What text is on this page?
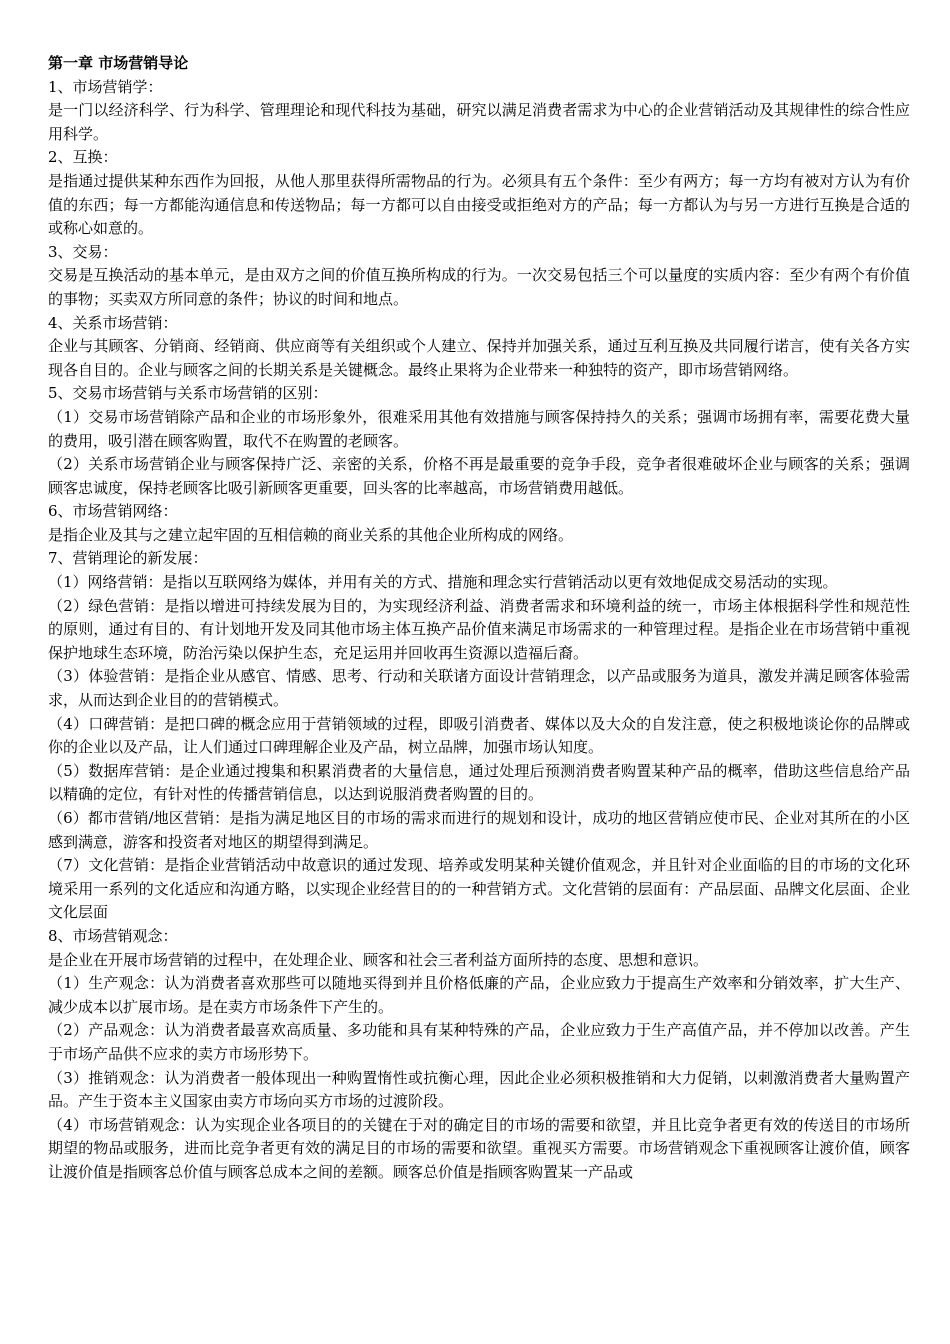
第一章 市场营销导论

1、市场营销学：

是一门以经济科学、行为科学、管理理论和现代科技为基础，研究以满足消费者需求为中心的企业营销活动及其规律性的综合性应用科学。

2、互换：

是指通过提供某种东西作为回报，从他人那里获得所需物品的行为。必须具有五个条件：至少有两方；每一方均有被对方认为有价值的东西；每一方都能沟通信息和传送物品；每一方都可以自由接受或拒绝对方的产品；每一方都认为与另一方进行互换是合适的或称心如意的。

3、交易：

交易是互换活动的基本单元，是由双方之间的价值互换所构成的行为。一次交易包括三个可以量度的实质内容：至少有两个有价值的事物；买卖双方所同意的条件；协议的时间和地点。

4、关系市场营销：

企业与其顾客、分销商、经销商、供应商等有关组织或个人建立、保持并加强关系，通过互利互换及共同履行诺言，使有关各方实现各自目的。企业与顾客之间的长期关系是关键概念。最终止果将为企业带来一种独特的资产，即市场营销网络。

5、交易市场营销与关系市场营销的区别：

（1）交易市场营销除产品和企业的市场形象外，很难采用其他有效措施与顾客保持持久的关系；强调市场拥有率，需要花费大量的费用，吸引潜在顾客购置，取代不在购置的老顾客。

（2）关系市场营销企业与顾客保持广泛、亲密的关系，价格不再是最重要的竞争手段，竞争者很难破坏企业与顾客的关系；强调顾客忠诚度，保持老顾客比吸引新顾客更重要，回头客的比率越高，市场营销费用越低。

6、市场营销网络：

是指企业及其与之建立起牢固的互相信赖的商业关系的其他企业所构成的网络。

7、营销理论的新发展：

（1）网络营销：是指以互联网络为媒体，并用有关的方式、措施和理念实行营销活动以更有效地促成交易活动的实现。

（2）绿色营销：是指以增进可持续发展为目的，为实现经济利益、消费者需求和环境利益的统一，市场主体根据科学性和规范性的原则，通过有目的、有计划地开发及同其他市场主体互换产品价值来满足市场需求的一种管理过程。是指企业在市场营销中重视保护地球生态环境，防治污染以保护生态，充足运用并回收再生资源以造福后裔。

（3）体验营销：是指企业从感官、情感、思考、行动和关联诸方面设计营销理念，以产品或服务为道具，激发并满足顾客体验需求，从而达到企业目的的营销模式。

（4）口碑营销：是把口碑的概念应用于营销领域的过程，即吸引消费者、媒体以及大众的自发注意，使之积极地谈论你的品牌或你的企业以及产品，让人们通过口碑理解企业及产品，树立品牌，加强市场认知度。

（5）数据库营销：是企业通过搜集和积累消费者的大量信息，通过处理后预测消费者购置某种产品的概率，借助这些信息给产品以精确的定位，有针对性的传播营销信息，以达到说服消费者购置的目的。

（6）都市营销/地区营销：是指为满足地区目的市场的需求而进行的规划和设计，成功的地区营销应使市民、企业对其所在的小区感到满意，游客和投资者对地区的期望得到满足。

（7）文化营销：是指企业营销活动中故意识的通过发现、培养或发明某种关键价值观念，并且针对企业面临的目的市场的文化环境采用一系列的文化适应和沟通方略，以实现企业经营目的的一种营销方式。文化营销的层面有：产品层面、品牌文化层面、企业文化层面

8、市场营销观念：

是企业在开展市场营销的过程中，在处理企业、顾客和社会三者利益方面所持的态度、思想和意识。

（1）生产观念：认为消费者喜欢那些可以随地买得到并且价格低廉的产品，企业应致力于提高生产效率和分销效率，扩大生产、减少成本以扩展市场。是在卖方市场条件下产生的。

（2）产品观念：认为消费者最喜欢高质量、多功能和具有某种特殊的产品，企业应致力于生产高值产品，并不停加以改善。产生于市场产品供不应求的卖方市场形势下。

（3）推销观念：认为消费者一般体现出一种购置惰性或抗衡心理，因此企业必须积极推销和大力促销，以刺激消费者大量购置产品。产生于资本主义国家由卖方市场向买方市场的过渡阶段。

（4）市场营销观念：认为实现企业各项目的的关键在于对的确定目的市场的需要和欲望，并且比竞争者更有效的传送目的市场所期望的物品或服务，进而比竞争者更有效的满足目的市场的需要和欲望。重视买方需要。市场营销观念下重视顾客让渡价值，顾客让渡价值是指顾客总价值与顾客总成本之间的差额。顾客总价值是指顾客购置某一产品或
